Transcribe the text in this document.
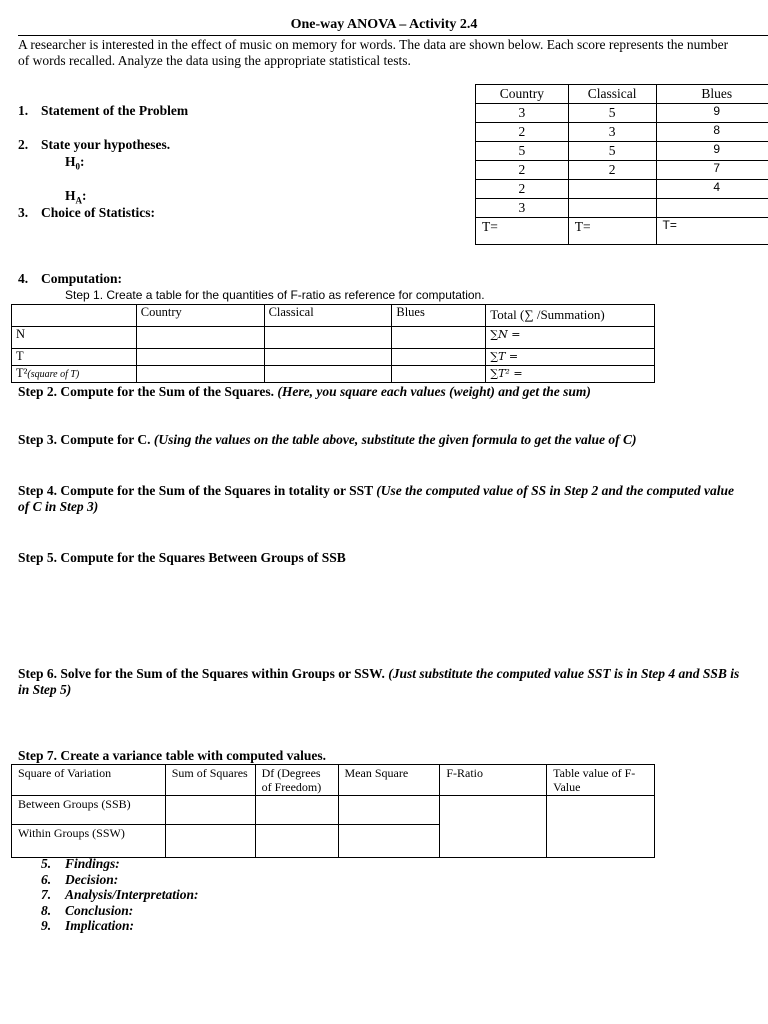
One-way ANOVA – Activity 2.4
A researcher is interested in the effect of music on memory for words. The data are shown below. Each score represents the number of words recalled. Analyze the data using the appropriate statistical tests.
1. Statement of the Problem
2. State your hypotheses.
$H_0$:
$H_A$:
3. Choice of Statistics:
Country	Classical	Blues
3	5	9
2	3	8
5	5	9
2	2	7
2		4
3		
T=	T=	T=
4. Computation:
Step 1. Create a table for the quantities of F-ratio as reference for computation.
	Country	Classical	Blues	Total (∑ /Summation)
N				∑N =
T				∑T =
T²(square of T)				∑T² =
Step 2. Compute for the Sum of the Squares. (Here, you square each values (weight) and get the sum)
Step 3. Compute for C. (Using the values on the table above, substitute the given formula to get the value of C)
Step 4. Compute for the Sum of the Squares in totality or SST (Use the computed value of SS in Step 2 and the computed value of C in Step 3)
Step 5. Compute for the Squares Between Groups of SSB
Step 6. Solve for the Sum of the Squares within Groups or SSW. (Just substitute the computed value SST is in Step 4 and SSB is in Step 5)
Step 7. Create a variance table with computed values.
Square of Variation	Sum of Squares	Df (Degrees of Freedom)	Mean Square	F-Ratio	Table value of F-Value
Between Groups (SSB)					
Within Groups (SSW)					
5. Findings:
6. Decision:
7. Analysis/Interpretation:
8. Conclusion:
9. Implication:
